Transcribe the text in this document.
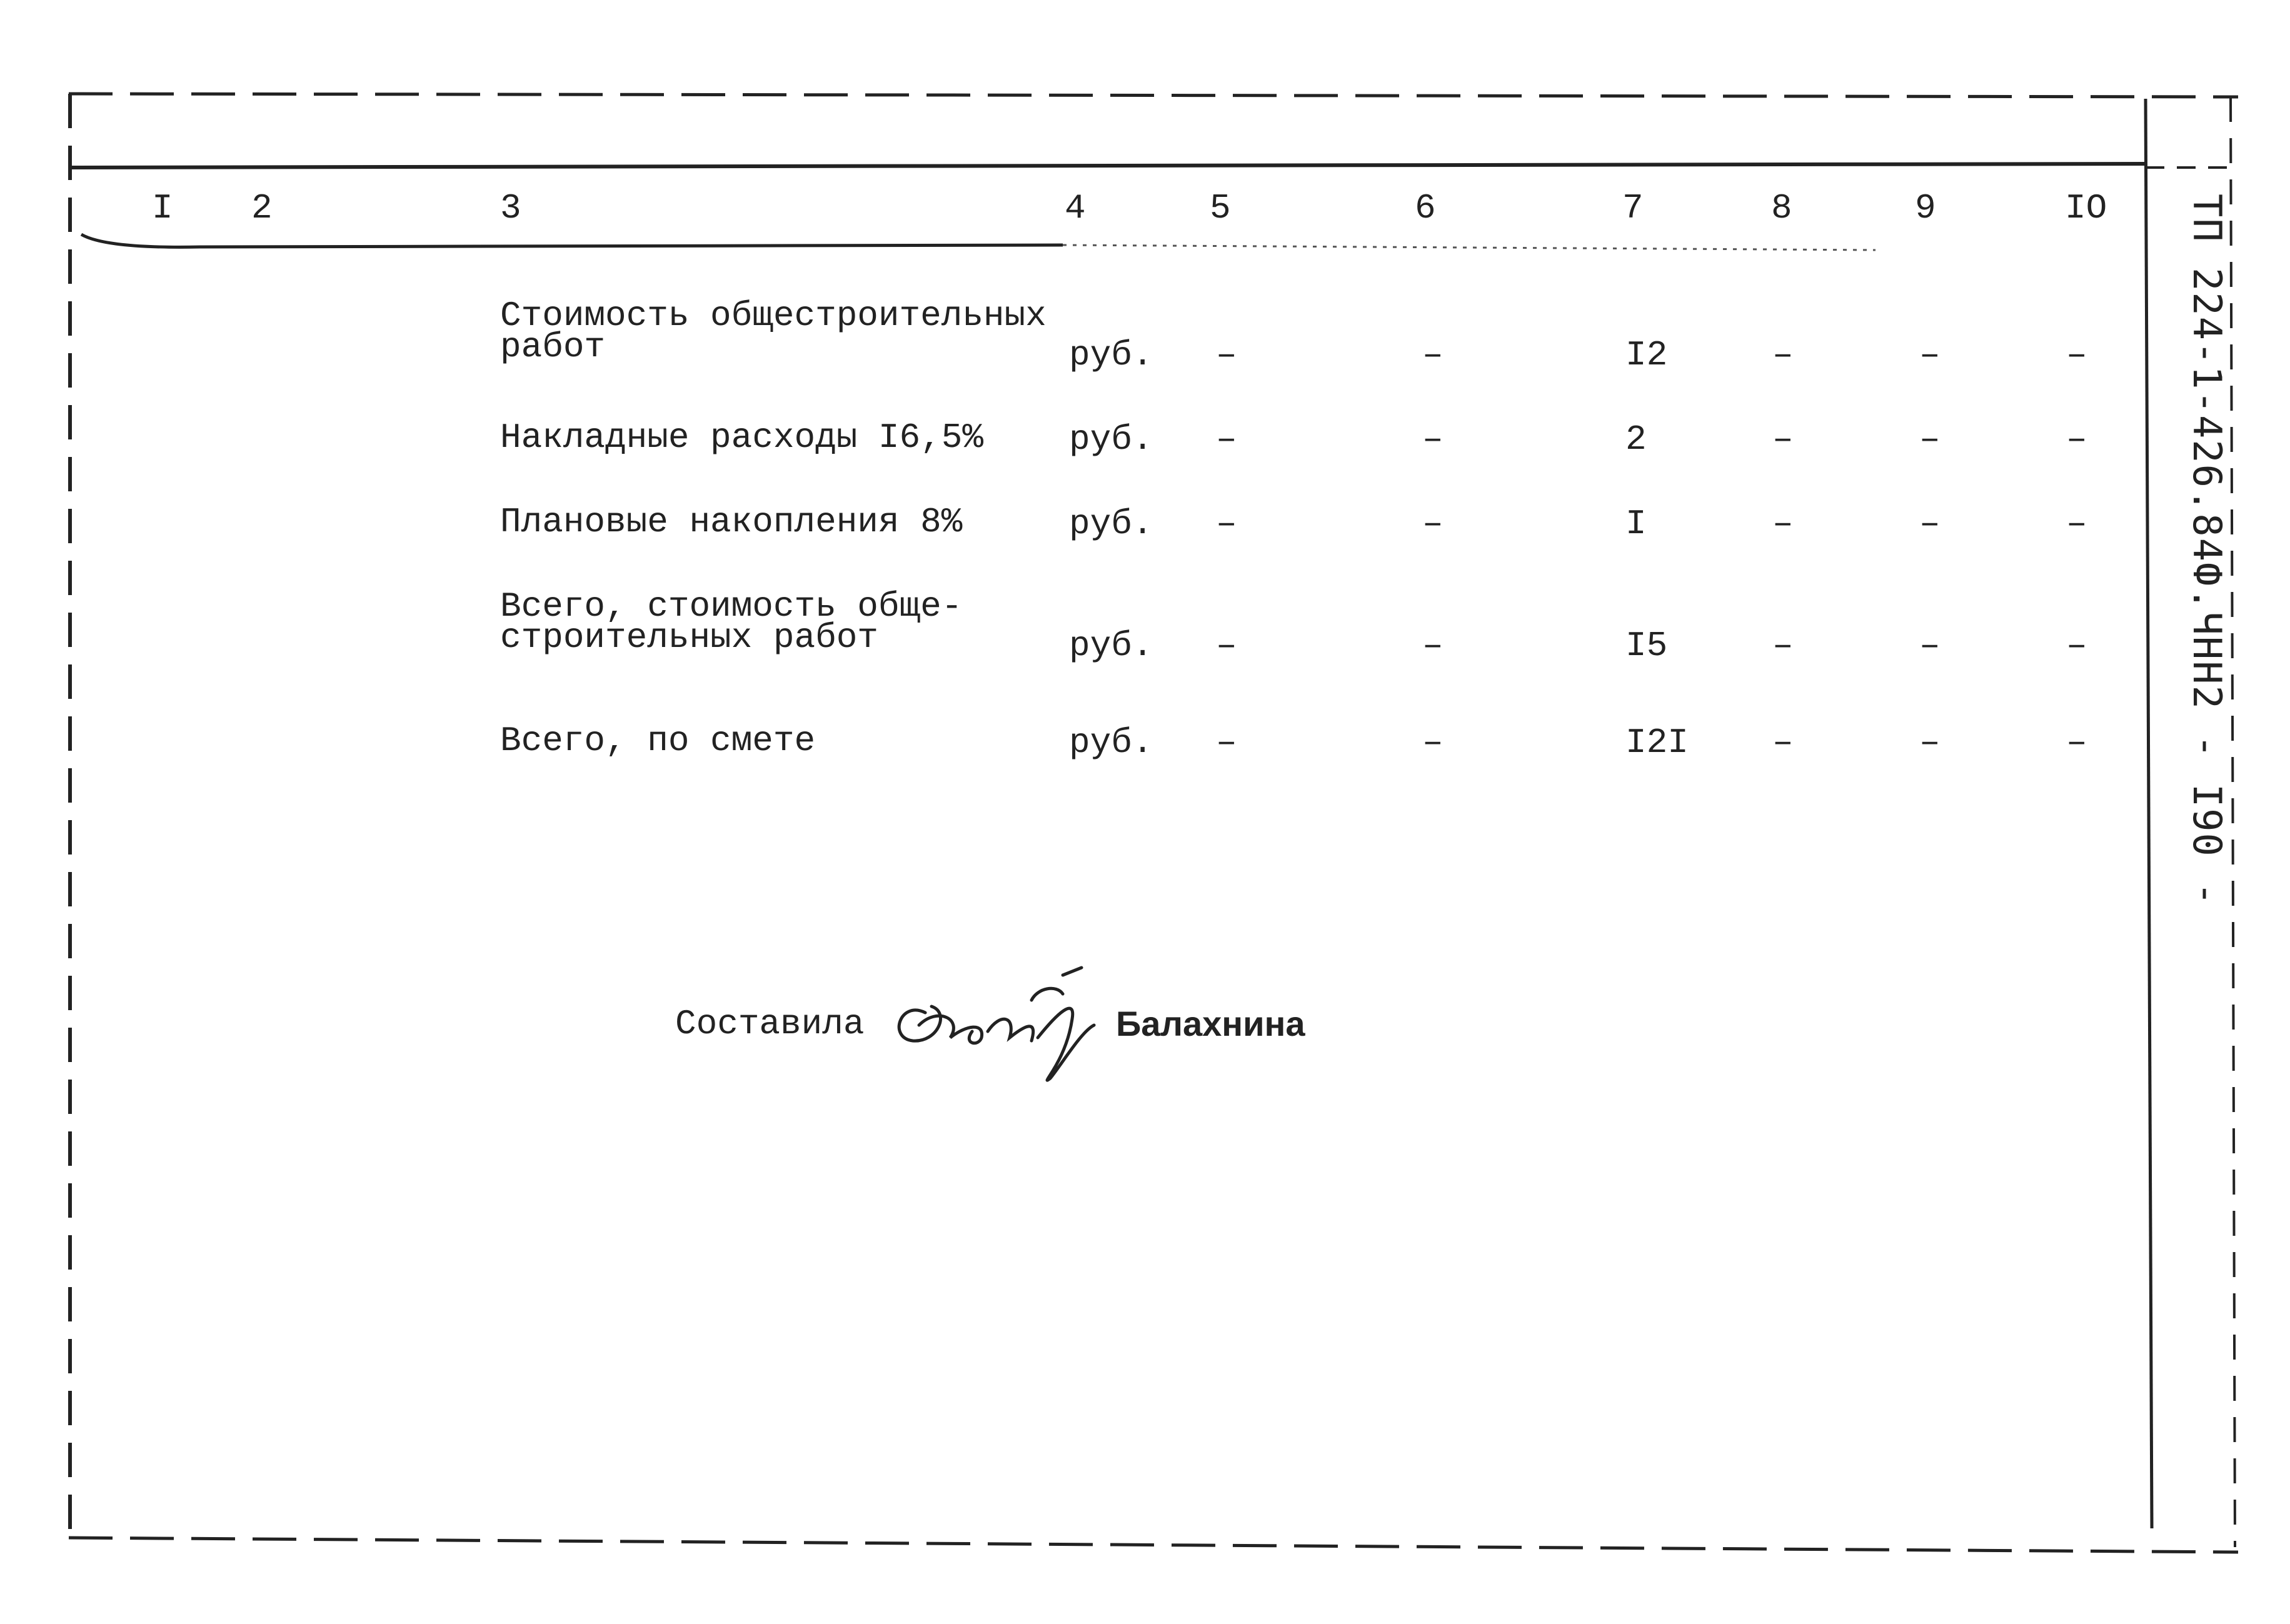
I 2	3	4	5	6	7	8	9	IO
Стоимость общестроительных
работ	руб. –	–	I2	–	–	–
Накладные расходы I6,5% руб. –	–	2	–	–	–
Плановые накопления 8%	руб. –	–	I	–	–	–
Всего, стоимость обще-
строительных работ	руб. –	–	I5	–	–	–
Всего, по смете	руб. –	–	I2I –	–	–
Составила	Балахнина
ТП 224-1-426.84Ф.ЧНН2 - I90 -
